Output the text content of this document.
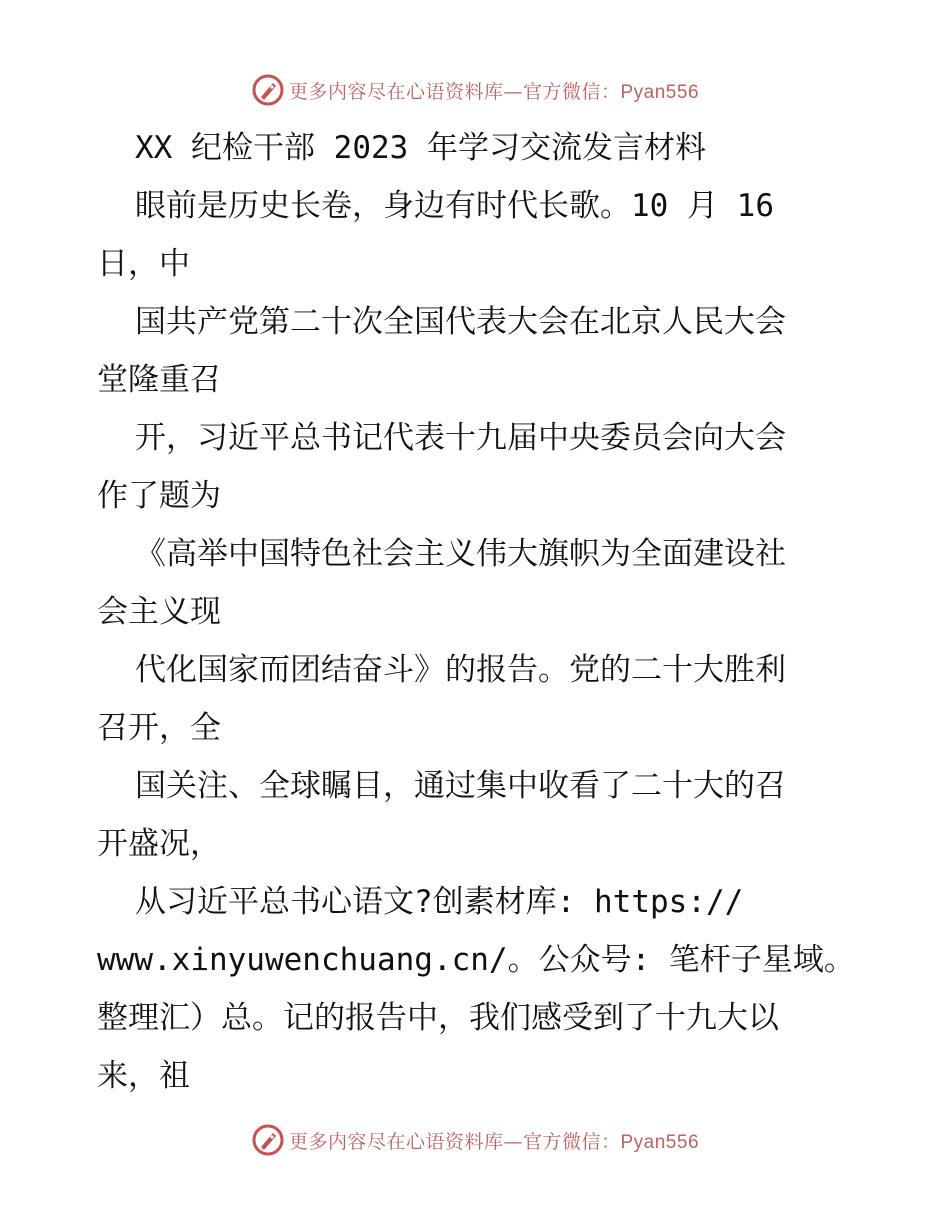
更多内容尽在心语资料库—官方微信：Pyan556
XX 纪检干部 2023 年学习交流发言材料
眼前是历史长卷，身边有时代长歌。10 月 16
日，中
国共产党第二十次全国代表大会在北京人民大会
堂隆重召
开，习近平总书记代表十九届中央委员会向大会
作了题为
《高举中国特色社会主义伟大旗帜为全面建设社
会主义现
代化国家而团结奋斗》的报告。党的二十大胜利
召开，全
国关注、全球瞩目，通过集中收看了二十大的召
开盛况，
从习近平总书心语文?创素材库: https://
www.xinyuwenchuang.cn/。公众号: 笔杆子星域。
整理汇）总。记的报告中，我们感受到了十九大以
来，祖
更多内容尽在心语资料库—官方微信：Pyan556
